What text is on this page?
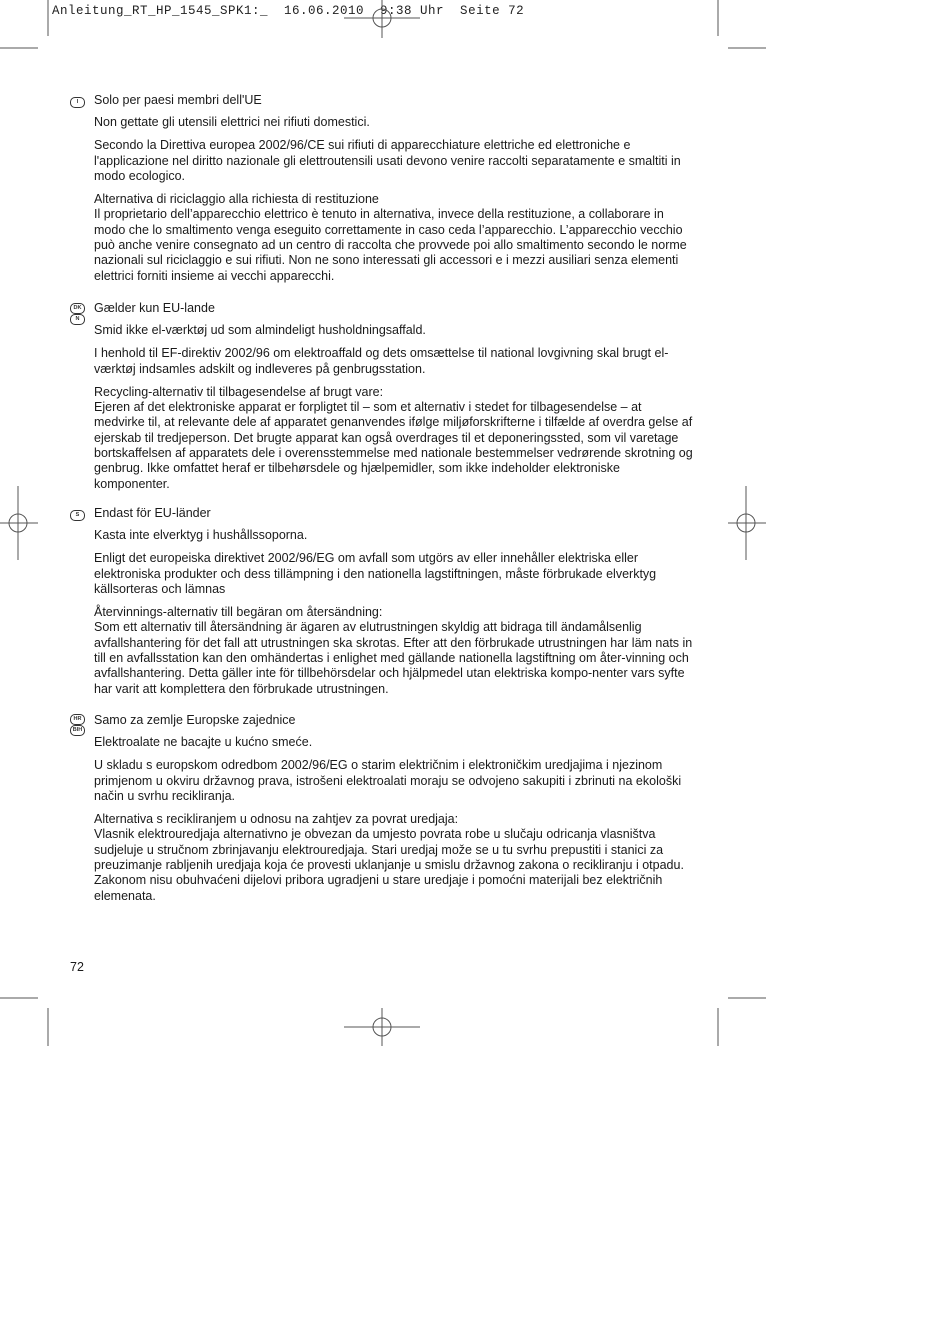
Anleitung_RT_HP_1545_SPK1:_  16.06.2010  9:38 Uhr  Seite 72
I	Solo per paesi membri dell'UE
Non gettate gli utensili elettrici nei rifiuti domestici.
Secondo la Direttiva europea 2002/96/CE sui rifiuti di apparecchiature elettriche ed elettroniche e l'applicazione nel diritto nazionale gli elettroutensili usati devono venire raccolti separatamente e smaltiti in modo ecologico.
Alternativa di riciclaggio alla richiesta di restituzione
Il proprietario dell’apparecchio elettrico è tenuto in alternativa, invece della restituzione, a collaborare in modo che lo smaltimento venga eseguito correttamente in caso ceda l’apparecchio. L’apparecchio vecchio può anche venire consegnato ad un centro di raccolta che provvede poi allo smaltimento secondo le norme nazionali sul riciclaggio e sui rifiuti. Non ne sono interessati gli accessori e i mezzi ausiliari senza elementi elettrici forniti insieme ai vecchi apparecchi.
DK
N
Gælder kun EU-lande
Smid ikke el-værktøj ud som almindeligt husholdningsaffald.
I henhold til EF-direktiv 2002/96 om elektroaffald og dets omsættelse til national lovgivning skal brugt el-værktøj indsamles adskilt og indleveres på genbrugsstation.
Recycling-alternativ til tilbagesendelse af brugt vare:
Ejeren af det elektroniske apparat er forpligtet til – som et alternativ i stedet for tilbagesendelse – at medvirke til, at relevante dele af apparatet genanvendes ifølge miljøforskrifterne i tilfælde af overdra gelse af ejerskab til tredjeperson. Det brugte apparat kan også overdrages til et deponeringssted, som vil varetage bortskaffelsen af apparatets dele i overensstemmelse med nationale bestemmelser vedrørende skrotning og genbrug. Ikke omfattet heraf er tilbehørsdele og hjælpemidler, som ikke indeholder elektroniske komponenter.
S	Endast för EU-länder
Kasta inte elverktyg i hushållssoporna.
Enligt det europeiska direktivet 2002/96/EG om avfall som utgörs av eller innehåller elektriska eller elektroniska produkter och dess tillämpning i den nationella lagstiftningen, måste förbrukade elverktyg källsorteras och lämnas
Återvinnings-alternativ till begäran om återsändning:
Som ett alternativ till återsändning är ägaren av elutrustningen skyldig att bidraga till ändamålsenlig avfallshantering för det fall att utrustningen ska skrotas. Efter att den förbrukade utrustningen har läm nats in till en avfallsstation kan den omhändertas i enlighet med gällande nationella lagstiftning om åter-vinning och avfallshantering. Detta gäller inte för tillbehörsdelar och hjälpmedel utan elektriska kompo-nenter vars syfte har varit att komplettera den förbrukade utrustningen.
HR
BIH
Samo za zemlje Europske zajednice
Elektroalate ne bacajte u kućno smeće.
U skladu s europskom odredbom 2002/96/EG o starim električnim i elektroničkim uredjajima i njezinom primjenom u okviru državnog prava, istrošeni elektroalati moraju se odvojeno sakupiti i zbrinuti na ekološki način u svrhu recikliranja.
Alternativa s recikliranjem u odnosu na zahtjev za povrat uredjaja:
Vlasnik elektrouredjaja alternativno je obvezan da umjesto povrata robe u slučaju odricanja vlasništva sudjeluje u stručnom zbrinjavanju elektrouredjaja. Stari uredjaj može se u tu svrhu prepustiti i stanici za preuzimanje rabljenih uredjaja koja će provesti uklanjanje u smislu državnog zakona o recikliranju i otpadu. Zakonom nisu obuhvaćeni dijelovi pribora ugradjeni u stare uredjaje i pomoćni materijali bez električnih elemenata.
72
